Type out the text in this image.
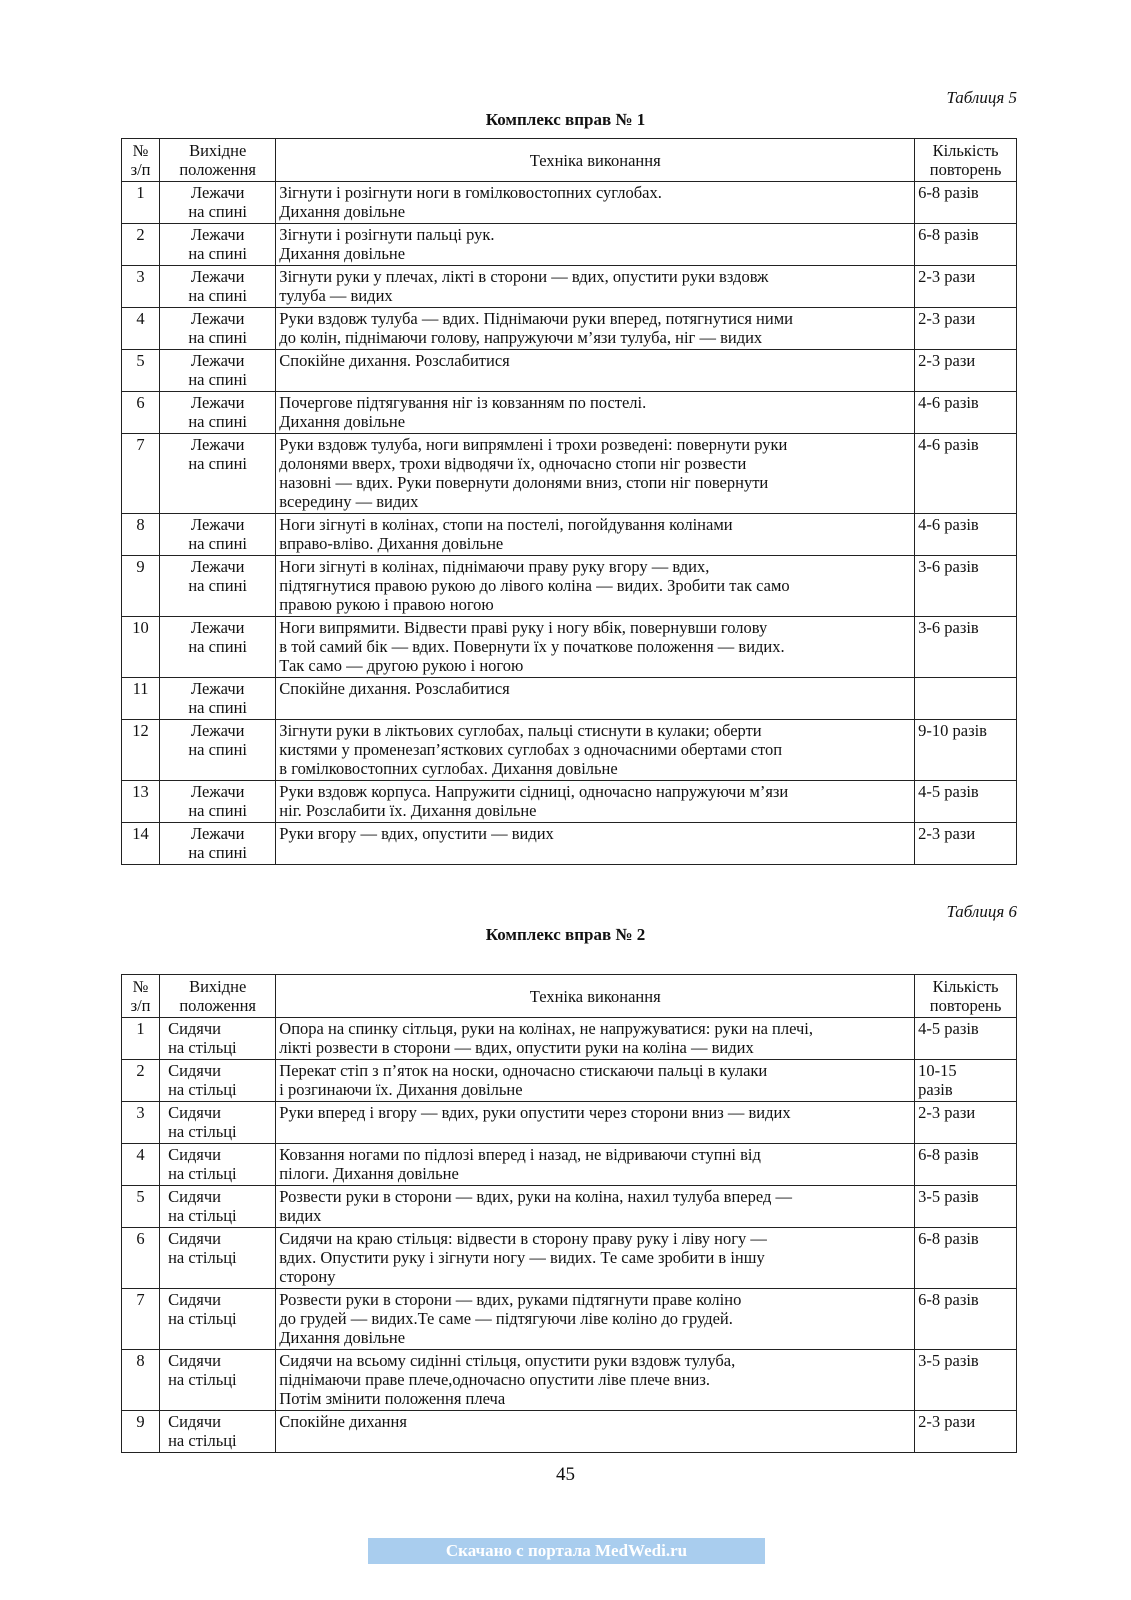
Таблиця 5
Комплекс вправ № 1
№
з/п	Вихідне
положення	Техніка виконання	Кількість
повторень

1	Лежачи
на спині	Зігнути і розігнути ноги в гомілковостопних суглобах.
Дихання довільне	6-8 разів
2	Лежачи
на спині	Зігнути і розігнути пальці рук.
Дихання довільне	6-8 разів
3	Лежачи
на спині	Зігнути руки у плечах, лікті в сторони — вдих, опустити руки вздовж
тулуба — видих	2-3 рази
4	Лежачи
на спині	Руки вздовж тулуба — вдих. Піднімаючи руки вперед, потягнутися ними
до колін, піднімаючи голову, напружуючи м’язи тулуба, ніг — видих	2-3 рази
5	Лежачи
на спині	Спокійне дихання. Розслабитися	2-3 рази
6	Лежачи
на спині	Почергове підтягування ніг із ковзанням по постелі.
Дихання довільне	4-6 разів
7	Лежачи
на спині	Руки вздовж тулуба, ноги випрямлені і трохи розведені: повернути руки
долонями вверх, трохи відводячи їх, одночасно стопи ніг розвести
назовні — вдих. Руки повернути долонями вниз, стопи ніг повернути
всередину — видих	4-6 разів
8	Лежачи
на спині	Ноги зігнуті в колінах, стопи на постелі, погойдування колінами
вправо-вліво. Дихання довільне	4-6 разів
9	Лежачи
на спині	Ноги зігнуті в колінах, піднімаючи праву руку вгору — вдих,
підтягнутися правою рукою до лівого коліна — видих. Зробити так само
правою рукою і правою ногою	3-6 разів
10	Лежачи
на спині	Ноги випрямити. Відвести праві руку і ногу вбік, повернувши голову
в той самий бік — вдих. Повернути їх у початкове положення — видих.
Так само — другою рукою і ногою	3-6 разів
11	Лежачи
на спині	Спокійне дихання. Розслабитися	

12	Лежачи
на спині	Зігнути руки в ліктьових суглобах, пальці стиснути в кулаки; оберти
кистями у променезап’ясткових суглобах з одночасними обертами стоп
в гомілковостопних суглобах. Дихання довільне	9-10 разів
13	Лежачи
на спині	Руки вздовж корпуса. Напружити сідниці, одночасно напружуючи м’язи
ніг. Розслабити їх. Дихання довільне	4-5 разів
14	Лежачи
на спині	Руки вгору — вдих, опустити — видих	2-3 рази
Таблиця 6
Комплекс вправ № 2
№
з/п	Вихідне
положення	Техніка виконання	Кількість
повторень

1	Сидячи
на стільці	Опора на спинку сітльця, руки на колінах, не напружуватися: руки на плечі,
лікті розвести в сторони — вдих, опустити руки на коліна — видих	4-5 разів
2	Сидячи
на стільці	Перекат стіп з п’яток на носки, одночасно стискаючи пальці в кулаки
і розгинаючи їх. Дихання довільне	10-15
разів

3	Сидячи
на стільці	Руки вперед і вгору — вдих, руки опустити через сторони вниз — видих	2-3 рази
4	Сидячи
на стільці	Ковзання ногами по підлозі вперед і назад, не відриваючи ступні від
пілоги. Дихання довільне	6-8 разів
5	Сидячи
на стільці	Розвести руки в сторони — вдих, руки на коліна, нахил тулуба вперед —
видих	3-5 разів
6	Сидячи
на стільці	Сидячи на краю стільця: відвести в сторону праву руку і ліву ногу —
вдих. Опустити руку і зігнути ногу — видих. Те саме зробити в іншу
сторону	6-8 разів
7	Сидячи
на стільці	Розвести руки в сторони — вдих, руками підтягнути праве коліно
до грудей — видих.Те саме — підтягуючи ліве коліно до грудей.
Дихання довільне	6-8 разів
8	Сидячи
на стільці	Сидячи на всьому сидінні стільця, опустити руки вздовж тулуба,
піднімаючи праве плече,одночасно опустити ліве плече вниз.
Потім змінити положення плеча	3-5 разів
9	Сидячи
на стільці	Спокійне дихання	2-3 рази
45
Скачано с портала MedWedi.ru
